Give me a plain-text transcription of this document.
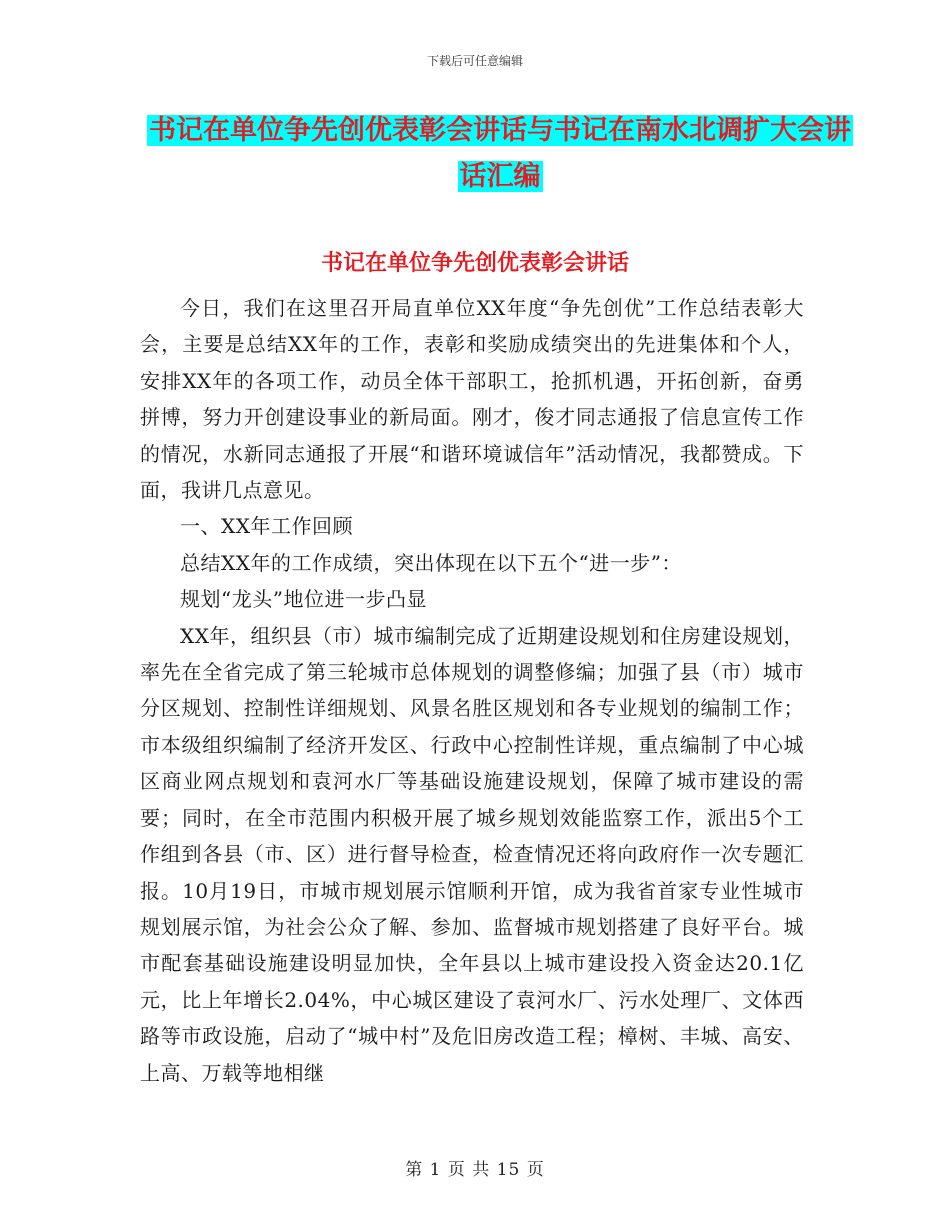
下载后可任意编辑
书记在单位争先创优表彰会讲话与书记在南水北调扩大会讲话汇编
书记在单位争先创优表彰会讲话

今日，我们在这里召开局直单位XX年度“争先创优”工作总结表彰大会，主要是总结XX年的工作，表彰和奖励成绩突出的先进集体和个人，安排XX年的各项工作，动员全体干部职工，抢抓机遇，开拓创新，奋勇拼博，努力开创建设事业的新局面。刚才，俊才同志通报了信息宣传工作的情况，水新同志通报了开展“和谐环境诚信年”活动情况，我都赞成。下面，我讲几点意见。

一、XX年工作回顾

总结XX年的工作成绩，突出体现在以下五个“进一步”：

规划“龙头”地位进一步凸显

XX年，组织县（市）城市编制完成了近期建设规划和住房建设规划，率先在全省完成了第三轮城市总体规划的调整修编；加强了县（市）城市分区规划、控制性详细规划、风景名胜区规划和各专业规划的编制工作；市本级组织编制了经济开发区、行政中心控制性详规，重点编制了中心城区商业网点规划和袁河水厂等基础设施建设规划，保障了城市建设的需要；同时，在全市范围内积极开展了城乡规划效能监察工作，派出5个工作组到各县（市、区）进行督导检查，检查情况还将向政府作一次专题汇报。10月19日，市城市规划展示馆顺利开馆，成为我省首家专业性城市规划展示馆，为社会公众了解、参加、监督城市规划搭建了良好平台。城市配套基础设施建设明显加快，全年县以上城市建设投入资金达20.1亿元，比上年增长2.04%，中心城区建设了袁河水厂、污水处理厂、文体西路等市政设施，启动了“城中村”及危旧房改造工程；樟树、丰城、高安、上高、万载等地相继

第 1 页 共 15 页
